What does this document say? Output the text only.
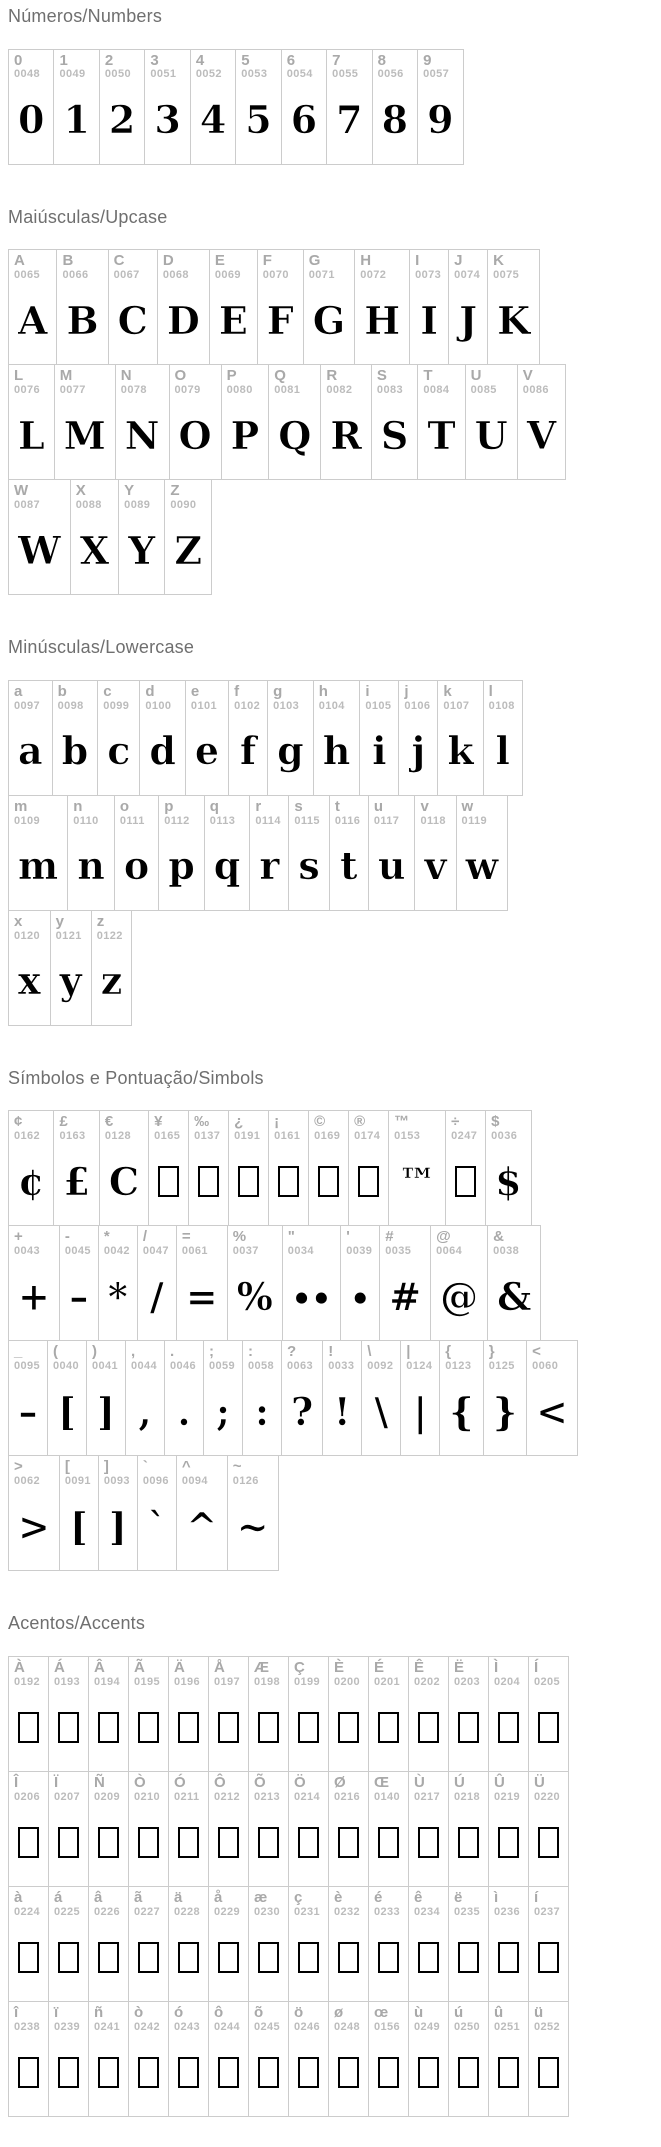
Números/Numbers
0
0048
0
1
0049
1
2
0050
2
3
0051
3
4
0052
4
5
0053
5
6
0054
6
7
0055
7
8
0056
8
9
0057
9
Maiúsculas/Upcase
A
0065
A
B
0066
B
C
0067
C
D
0068
D
E
0069
E
F
0070
F
G
0071
G
H
0072
H
I
0073
I
J
0074
J
K
0075
K
L
0076
L
M
0077
M
N
0078
N
O
0079
O
P
0080
P
Q
0081
Q
R
0082
R
S
0083
S
T
0084
T
U
0085
U
V
0086
V
W
0087
W
X
0088
X
Y
0089
Y
Z
0090
Z
Minúsculas/Lowercase
a
0097
a
b
0098
b
c
0099
c
d
0100
d
e
0101
e
f
0102
f
g
0103
g
h
0104
h
i
0105
i
j
0106
j
k
0107
k
l
0108
l
m
0109
m
n
0110
n
o
0111
o
p
0112
p
q
0113
q
r
0114
r
s
0115
s
t
0116
t
u
0117
u
v
0118
v
w
0119
w
x
0120
x
y
0121
y
z
0122
z
Símbolos e Pontuação/Simbols
¢
0162
¢
£
0163
£
€
0128
C
¥
0165
‰
0137
¿
0191
¡
0161
©
0169
®
0174
™
0153
™
÷
0247
$
0036
$
+
0043
+
-
0045
–
*
0042
*
/
0047
/
=
0061
=
%
0037
%
"
0034
∙∙
'
0039
∙
#
0035
#
@
0064
@
&
0038
&
_
0095
–
(
0040
[
)
0041
]
,
0044
,
.
0046
.
;
0059
;
:
0058
:
?
0063
?
!
0033
!
\
0092
\
|
0124
|
{
0123
{
}
0125
}
<
0060
<
>
0062
>
[
0091
[
]
0093
]
`
0096
`
^
0094
^
~
0126
~
Acentos/Accents
À
0192
Á
0193
Â
0194
Ã
0195
Ä
0196
Å
0197
Æ
0198
Ç
0199
È
0200
É
0201
Ê
0202
Ë
0203
Ì
0204
Í
0205
Î
0206
Ï
0207
Ñ
0209
Ò
0210
Ó
0211
Ô
0212
Õ
0213
Ö
0214
Ø
0216
Œ
0140
Ù
0217
Ú
0218
Û
0219
Ü
0220
à
0224
á
0225
â
0226
ã
0227
ä
0228
å
0229
æ
0230
ç
0231
è
0232
é
0233
ê
0234
ë
0235
ì
0236
í
0237
î
0238
ï
0239
ñ
0241
ò
0242
ó
0243
ô
0244
õ
0245
ö
0246
ø
0248
œ
0156
ù
0249
ú
0250
û
0251
ü
0252
